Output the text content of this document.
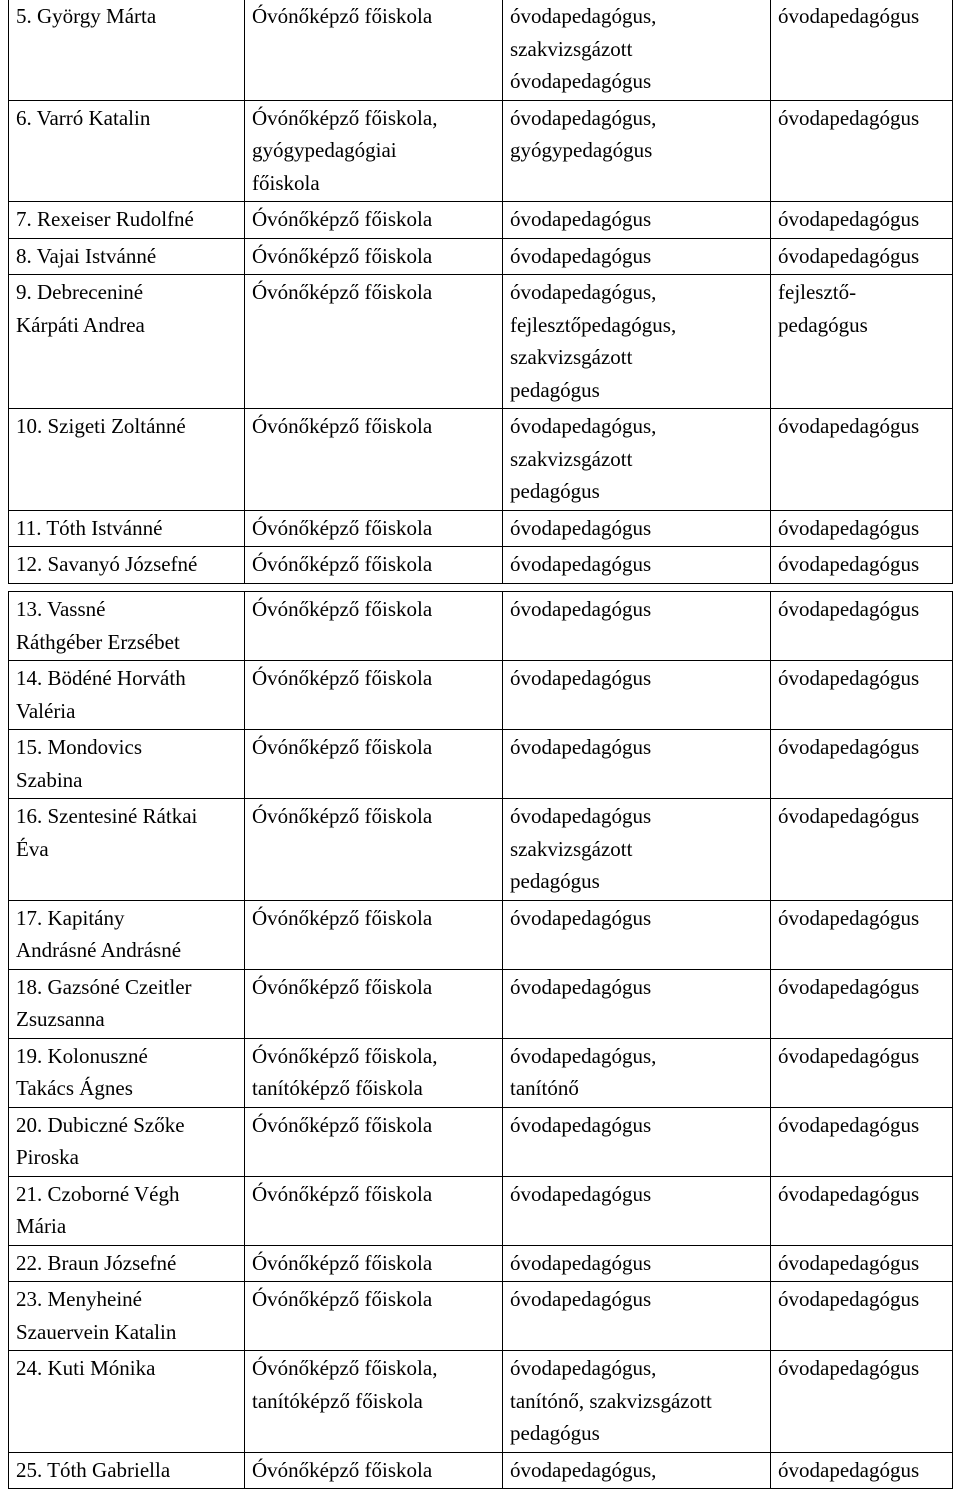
5. György Márta	Óvónőképző főiskola	óvodapedagógus,
szakvizsgázott
óvodapedagógus	óvodapedagógus
6. Varró Katalin	Óvónőképző főiskola,
gyógypedagógiai
főiskola	óvodapedagógus,
gyógypedagógus	óvodapedagógus
7. Rexeiser Rudolfné	Óvónőképző főiskola	óvodapedagógus	óvodapedagógus
8. Vajai Istvánné	Óvónőképző főiskola	óvodapedagógus	óvodapedagógus
9. Debreceniné
Kárpáti Andrea	Óvónőképző főiskola	óvodapedagógus,
fejlesztőpedagógus,
szakvizsgázott
pedagógus	fejlesztő-
pedagógus
10. Szigeti Zoltánné	Óvónőképző főiskola	óvodapedagógus,
szakvizsgázott
pedagógus	óvodapedagógus
11. Tóth Istvánné	Óvónőképző főiskola	óvodapedagógus	óvodapedagógus
12. Savanyó Józsefné	Óvónőképző főiskola	óvodapedagógus	óvodapedagógus
13. Vassné
Ráthgéber Erzsébet	Óvónőképző főiskola	óvodapedagógus	óvodapedagógus
14. Bödéné Horváth
Valéria	Óvónőképző főiskola	óvodapedagógus	óvodapedagógus
15. Mondovics
Szabina	Óvónőképző főiskola	óvodapedagógus	óvodapedagógus
16. Szentesiné Rátkai
Éva	Óvónőképző főiskola	óvodapedagógus
szakvizsgázott
pedagógus	óvodapedagógus
17. Kapitány
Andrásné Andrásné	Óvónőképző főiskola	óvodapedagógus	óvodapedagógus
18. Gazsóné Czeitler
Zsuzsanna	Óvónőképző főiskola	óvodapedagógus	óvodapedagógus
19. Kolonuszné
Takács Ágnes	Óvónőképző főiskola,
tanítóképző főiskola	óvodapedagógus,
tanítónő	óvodapedagógus
20. Dubiczné Szőke
Piroska	Óvónőképző főiskola	óvodapedagógus	óvodapedagógus
21. Czoborné Végh
Mária	Óvónőképző főiskola	óvodapedagógus	óvodapedagógus
22. Braun Józsefné	Óvónőképző főiskola	óvodapedagógus	óvodapedagógus
23. Menyheiné
Szauervein Katalin	Óvónőképző főiskola	óvodapedagógus	óvodapedagógus
24. Kuti Mónika	Óvónőképző főiskola,
tanítóképző főiskola	óvodapedagógus,
tanítónő, szakvizsgázott
pedagógus	óvodapedagógus
25. Tóth Gabriella	Óvónőképző főiskola	óvodapedagógus,	óvodapedagógus
